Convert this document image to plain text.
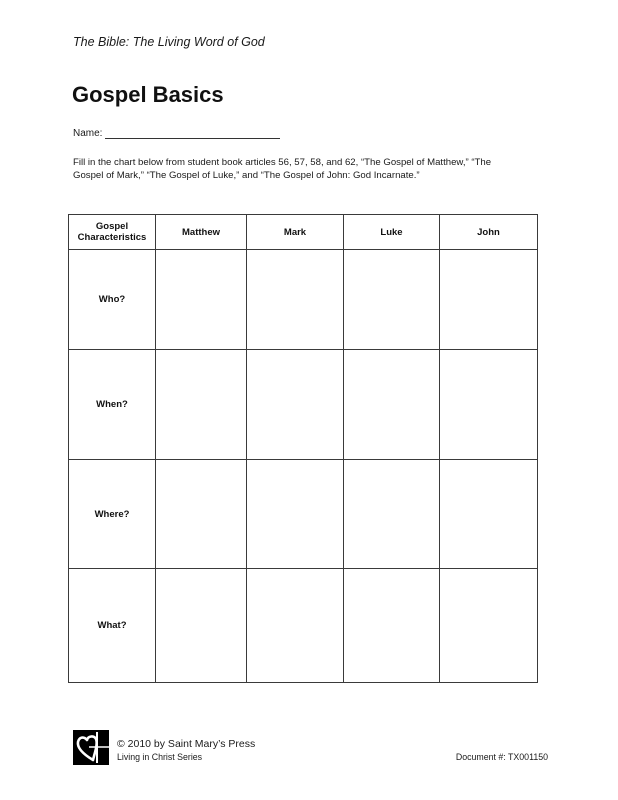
The Bible: The Living Word of God
Gospel Basics
Name:
Fill in the chart below from student book articles 56, 57, 58, and 62, “The Gospel of Matthew,” “The Gospel of Mark,” “The Gospel of Luke,” and “The Gospel of John: God Incarnate.”
Gospel Characteristics	Matthew	Mark	Luke	John
Who?				
When?				
Where?				
What?				
© 2010 by Saint Mary’s Press
Living in Christ Series	Document #: TX001150
